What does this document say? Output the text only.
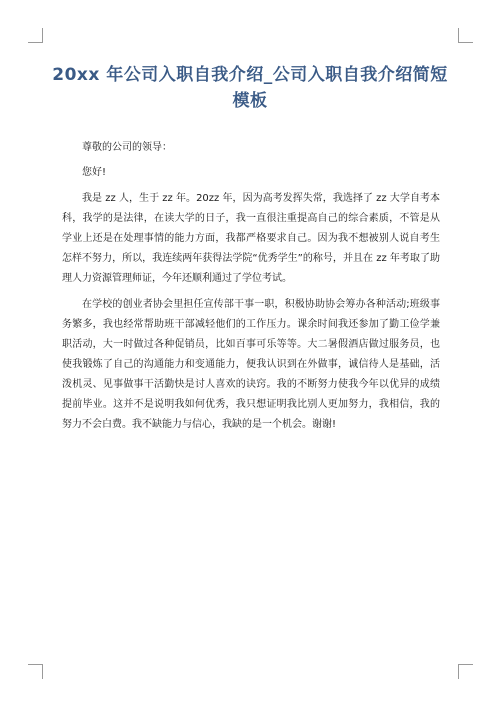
20xx 年公司入职自我介绍_公司入职自我介绍简短 模板

尊敬的公司的领导：

您好!

我是 zz 人，生于 zz 年。20zz 年，因为高考发挥失常，我选择了 zz 大学自考本科，我学的是法律，在读大学的日子，我一直很注重提高自己的综合素质，不管是从学业上还是在处理事情的能力方面，我都严格要求自己。因为我不想被别人说自考生怎样不努力，所以，我连续两年获得法学院“优秀学生”的称号，并且在 zz 年考取了助理人力资源管理师证，今年还顺利通过了学位考试。

在学校的创业者协会里担任宣传部干事一职，积极协助协会筹办各种活动;班级事务繁多，我也经常帮助班干部减轻他们的工作压力。课余时间我还参加了勤工俭学兼职活动，大一时做过各种促销员，比如百事可乐等等。大二暑假酒店做过服务员，也使我锻炼了自己的沟通能力和变通能力，便我认识到在外做事，诚信待人是基础，活泼机灵、见事做事干活勤快是讨人喜欢的诀窍。我的不断努力使我今年以优异的成绩提前毕业。这并不是说明我如何优秀，我只想证明我比别人更加努力，我相信，我的努力不会白费。我不缺能力与信心，我缺的是一个机会。谢谢!
